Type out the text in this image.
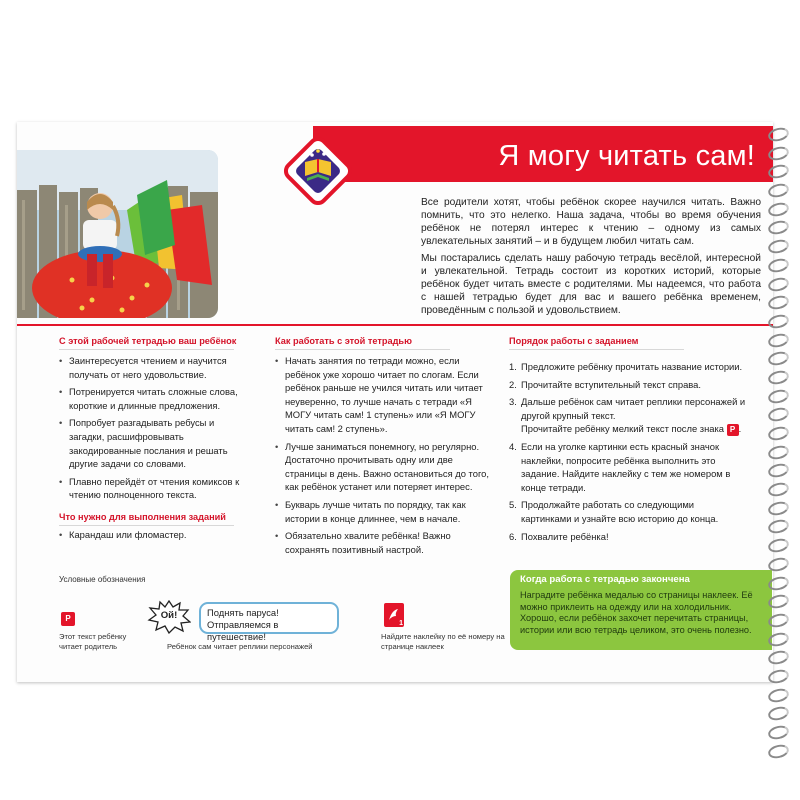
Я могу читать сам!

Все родители хотят, чтобы ребёнок скорее научился читать. Важно помнить, что это нелегко. Наша задача, чтобы во время обучения ребёнок не потерял интерес к чтению – одному из самых увлекательных занятий – и в будущем любил читать сам.

Мы постарались сделать нашу рабочую тетрадь весёлой, интересной и увлекательной. Тетрадь состоит из коротких историй, которые ребёнок будет читать вместе с родителями. Мы надеемся, что работа с нашей тетрадью будет для вас и вашего ребёнка временем, проведённым с пользой и удовольствием.

С этой рабочей тетрадью ваш ребёнок
• Заинтересуется чтением и научится получать от него удовольствие.
• Потренируется читать сложные слова, короткие и длинные предложения.
• Попробует разгадывать ребусы и загадки, расшифровывать закодированные послания и решать другие задачи со словами.
• Плавно перейдёт от чтения комиксов к чтению полноценного текста.
Что нужно для выполнения заданий
• Карандаш или фломастер.
Как работать с этой тетрадью
• Начать занятия по тетради можно, если ребёнок уже хорошо читает по слогам. Если ребёнок раньше не учился читать или читает неуверенно, то лучше начать с тетради «Я МОГУ читать сам! 1 ступень» или «Я МОГУ читать сам! 2 ступень».
• Лучше заниматься понемногу, но регулярно. Достаточно прочитывать одну или две страницы в день. Важно остановиться до того, как ребёнок устанет или потеряет интерес.
• Букварь лучше читать по порядку, так как истории в конце длиннее, чем в начале.
• Обязательно хвалите ребёнка! Важно сохранять позитивный настрой.
Порядок работы с заданием
1. Предложите ребёнку прочитать название истории.
2. Прочитайте вступительный текст справа.
3. Дальше ребёнок сам читает реплики персонажей и другой крупный текст.
Прочитайте ребёнку мелкий текст после знака Р .
4. Если на уголке картинки есть красный значок наклейки, попросите ребёнка выполнить это задание. Найдите наклейку с тем же номером в конце тетради.
5. Продолжайте работать со следующими картинками и узнайте всю историю до конца.
6. Похвалите ребёнка!
Когда работа с тетрадью закончена
Наградите ребёнка медалью со страницы наклеек. Её можно приклеить на одежду или на холодильник.
Хорошо, если ребёнок захочет перечитать страницы, истории или всю тетрадь целиком, это очень полезно.
Условные обозначения
Р
Этот текст ребёнку читает родитель
Ой!	Поднять паруса! Отправляемся в путешествие!
Ребёнок сам читает реплики персонажей
1
Найдите наклейку по её номеру на странице наклеек
